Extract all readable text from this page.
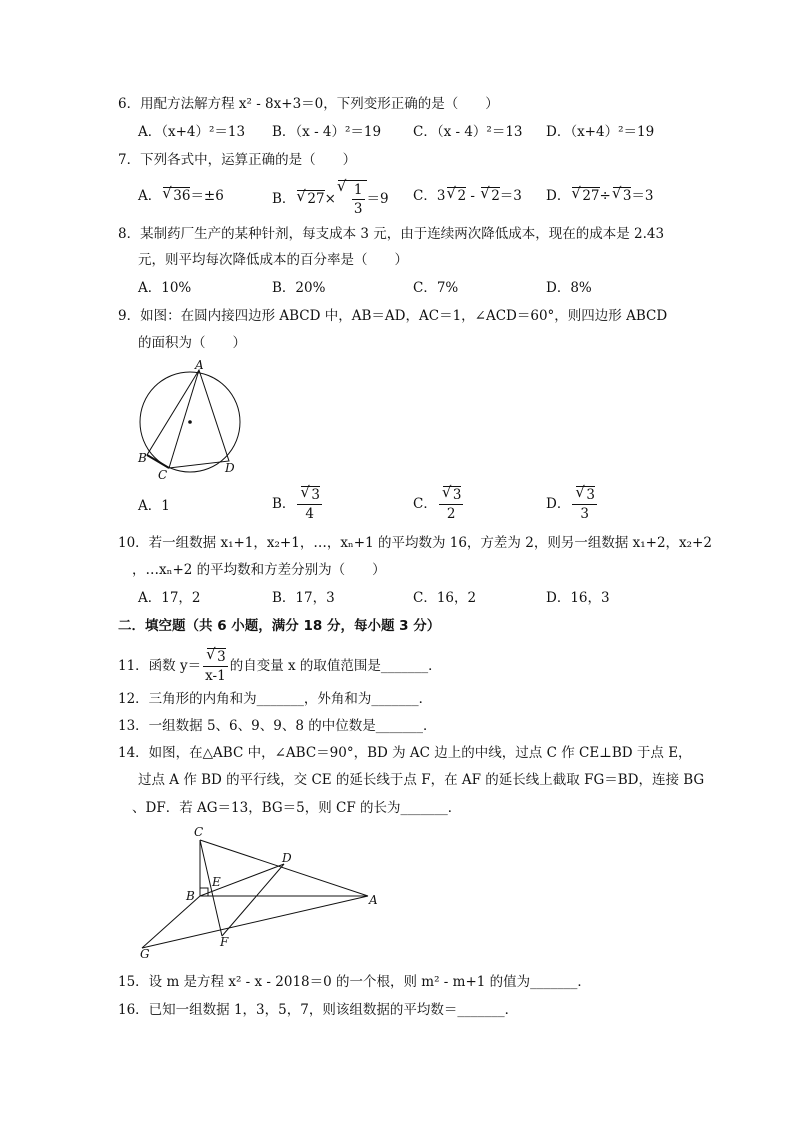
6．用配方法解方程 x² - 8x+3＝0，下列变形正确的是（　　）
A．（x+4）²＝13 B．（x - 4）²＝19 C．（x - 4）²＝13 D．（x+4）²＝19
7．下列各式中，运算正确的是（　　）
A． √ 36＝±6	B． √ 27× √ $\frac{1}{3} =9$ C．3 √ 2 - √ 2＝3 D． √ 27÷ √ 3＝3
8．某制药厂生产的某种针剂，每支成本 3 元，由于连续两次降低成本，现在的成本是 2.43
元，则平均每次降低成本的百分率是（　　）
A．10%	B．20%	C．7%	D．8%
9．如图：在圆内接四边形 ABCD 中，AB＝AD，AC＝1，∠ACD＝60°，则四边形 ABCD
的面积为（　　）
A
B
C	D
A．1	B． √ $\frac{3}{4}$	C． √ $\frac{3}{2}$	D． √ $\frac{3}{3}$
10．若一组数据 x₁+1，x₂+1，…，xₙ+1 的平均数为 16，方差为 2，则另一组数据 x₁+2，x₂+2
，…xₙ+2 的平均数和方差分别为（　　）
A．17，2	B．17，3	C．16，2	D．16，3
二．填空题（共 6 小题，满分 18 分，每小题 3 分）
11．函数 y＝ √ $\frac{3}{x-1}$ 的自变量 x 的取值范围是_______．
12．三角形的内角和为_______，外角和为_______．
13．一组数据 5、6、9、9、8 的中位数是_______．
14．如图，在△ABC 中，∠ABC＝90°，BD 为 AC 边上的中线，过点 C 作 CE⊥BD 于点 E，
过点 A 作 BD 的平行线，交 CE 的延长线于点 F，在 AF 的延长线上截取 FG＝BD，连接 BG
、DF．若 AG＝13，BG＝5，则 CF 的长为_______．
C
D
E
B	A
G
F
15．设 m 是方程 x² - x - 2018＝0 的一个根，则 m² - m+1 的值为_______．
16．已知一组数据 1，3，5，7，则该组数据的平均数＝_______．
